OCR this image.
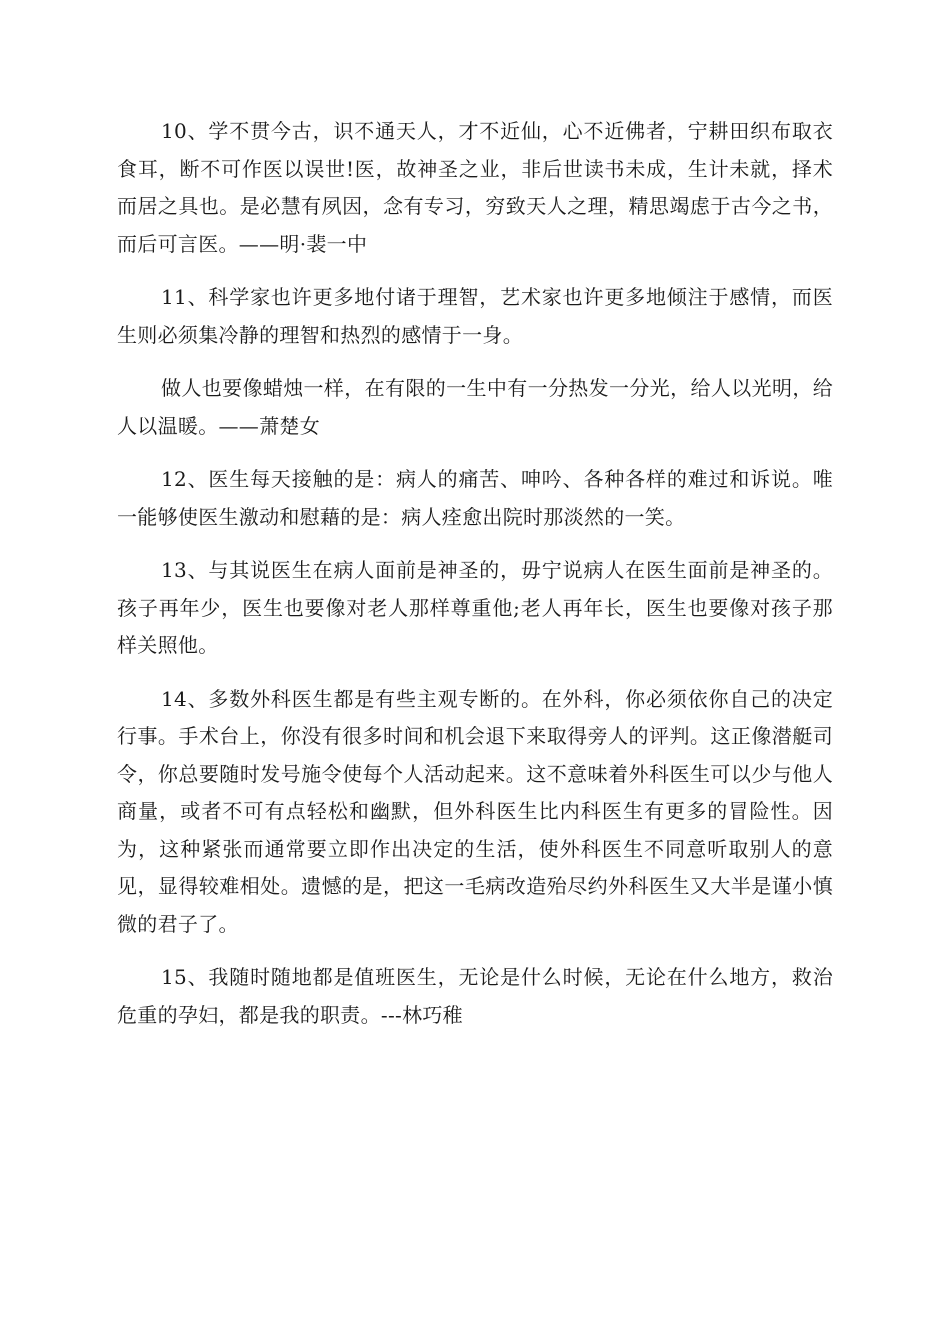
10、学不贯今古，识不通天人，才不近仙，心不近佛者，宁耕田织布取衣食耳，断不可作医以误世!医，故神圣之业，非后世读书未成，生计未就，择术而居之具也。是必慧有夙因，念有专习，穷致天人之理，精思竭虑于古今之书，而后可言医。——明·裴一中

11、科学家也许更多地付诸于理智，艺术家也许更多地倾注于感情，而医生则必须集冷静的理智和热烈的感情于一身。

做人也要像蜡烛一样，在有限的一生中有一分热发一分光，给人以光明，给人以温暖。——萧楚女

12、医生每天接触的是：病人的痛苦、呻吟、各种各样的难过和诉说。唯一能够使医生激动和慰藉的是：病人痊愈出院时那淡然的一笑。

13、与其说医生在病人面前是神圣的，毋宁说病人在医生面前是神圣的。孩子再年少，医生也要像对老人那样尊重他;老人再年长，医生也要像对孩子那样关照他。

14、多数外科医生都是有些主观专断的。在外科，你必须依你自己的决定行事。手术台上，你没有很多时间和机会退下来取得旁人的评判。这正像潜艇司令，你总要随时发号施令使每个人活动起来。这不意味着外科医生可以少与他人商量，或者不可有点轻松和幽默，但外科医生比内科医生有更多的冒险性。因为，这种紧张而通常要立即作出决定的生活，使外科医生不同意听取别人的意见，显得较难相处。遗憾的是，把这一毛病改造殆尽约外科医生又大半是谨小慎微的君子了。

15、我随时随地都是值班医生，无论是什么时候，无论在什么地方，救治危重的孕妇，都是我的职责。---林巧稚
